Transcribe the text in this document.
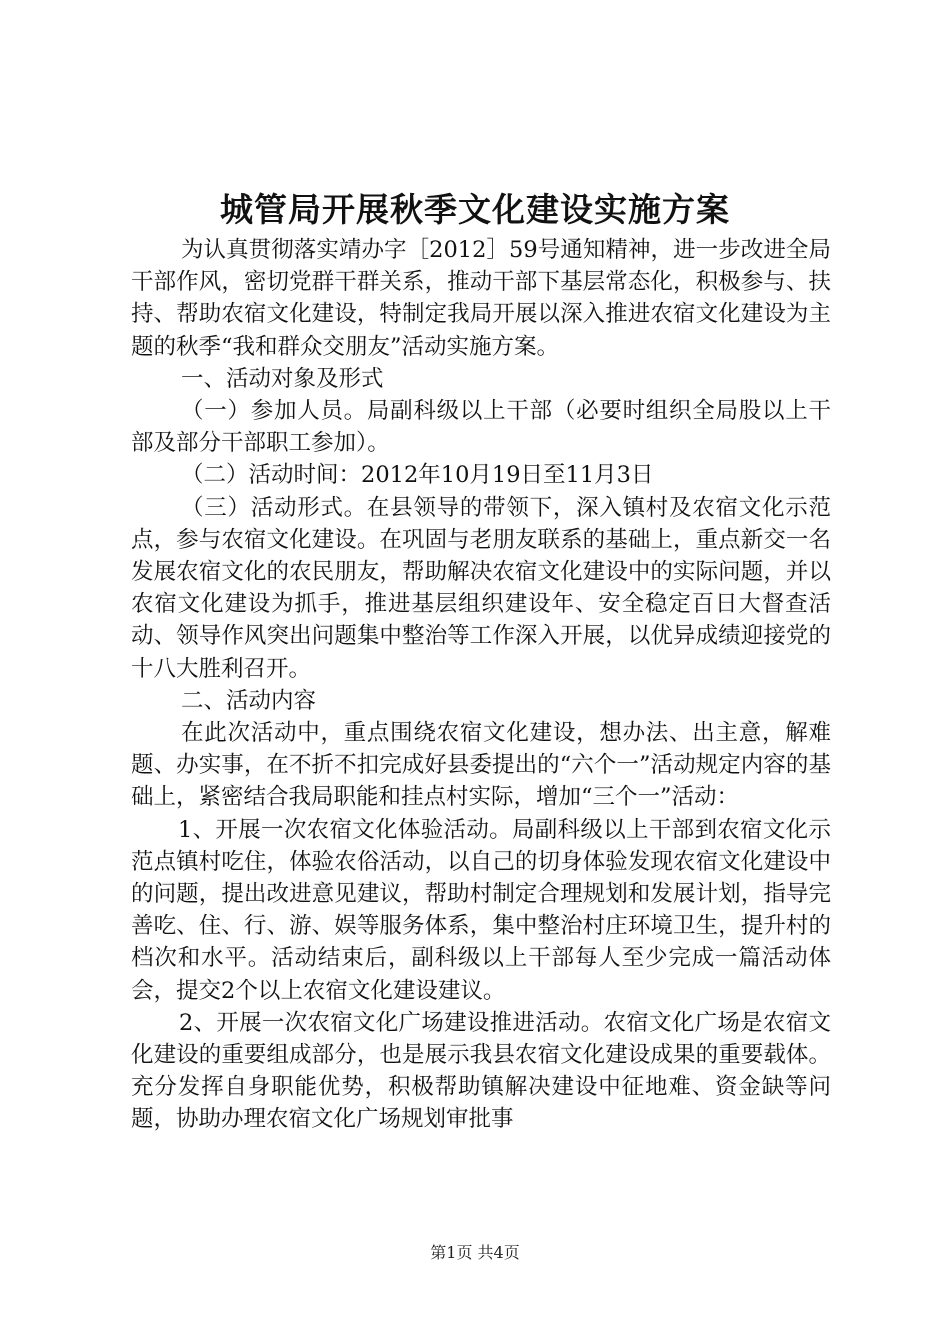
城管局开展秋季文化建设实施方案

为认真贯彻落实靖办字［2012］59号通知精神，进一步改进全局干部作风，密切党群干群关系，推动干部下基层常态化，积极参与、扶持、帮助农宿文化建设，特制定我局开展以深入推进农宿文化建设为主题的秋季“我和群众交朋友”活动实施方案。

一、活动对象及形式

（一）参加人员。局副科级以上干部（必要时组织全局股以上干部及部分干部职工参加）。

（二）活动时间：2012年10月19日至11月3日

（三）活动形式。在县领导的带领下，深入镇村及农宿文化示范点，参与农宿文化建设。在巩固与老朋友联系的基础上，重点新交一名发展农宿文化的农民朋友，帮助解决农宿文化建设中的实际问题，并以农宿文化建设为抓手，推进基层组织建设年、安全稳定百日大督查活动、领导作风突出问题集中整治等工作深入开展，以优异成绩迎接党的十八大胜利召开。

二、活动内容

在此次活动中，重点围绕农宿文化建设，想办法、出主意，解难题、办实事，在不折不扣完成好县委提出的“六个一”活动规定内容的基础上，紧密结合我局职能和挂点村实际，增加“三个一”活动：

1、开展一次农宿文化体验活动。局副科级以上干部到农宿文化示范点镇村吃住，体验农俗活动，以自己的切身体验发现农宿文化建设中的问题，提出改进意见建议，帮助村制定合理规划和发展计划，指导完善吃、住、行、游、娱等服务体系，集中整治村庄环境卫生，提升村的档次和水平。活动结束后，副科级以上干部每人至少完成一篇活动体会，提交2个以上农宿文化建设建议。

2、开展一次农宿文化广场建设推进活动。农宿文化广场是农宿文化建设的重要组成部分，也是展示我县农宿文化建设成果的重要载体。充分发挥自身职能优势，积极帮助镇解决建设中征地难、资金缺等问题，协助办理农宿文化广场规划审批事

第1页 共4页
